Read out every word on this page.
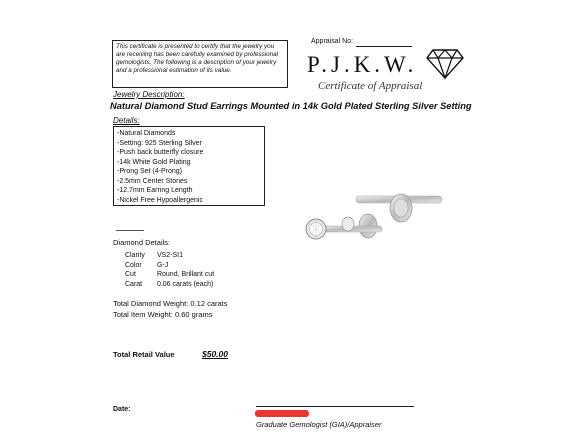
This certificate is presented to certify that the jewelry you are receiving has been carefully examined by professional gemologists. The following is a description of your jewelry and a professional estimation of its value.
Appraisal No:
P.J.K.W.
Certificate of Appraisal
Jewelry Description:
Natural Diamond Stud Earrings Mounted in 14k Gold Plated Sterling Silver Setting
Details:
-Natural Diamonds
-Setting: 925 Sterling Silver
-Push back butterfly closure
-14k White Gold Plating
-Prong Set (4-Prong)
-2.5mm Center Stones
-12.7mm Earring Length
-Nickel Free Hypoallergenic
Diamond Details:
Clarity VS2-SI1
Color G-J
Cut	Round, Brillant cut
Carat 0.06 carats (each)
Total Diamond Weight: 0.12 carats
Total Item Weight: 0.60 grams
Total Retail Value	$50.00
Date:
Graduate Gemologist (GIA)/Appraiser
